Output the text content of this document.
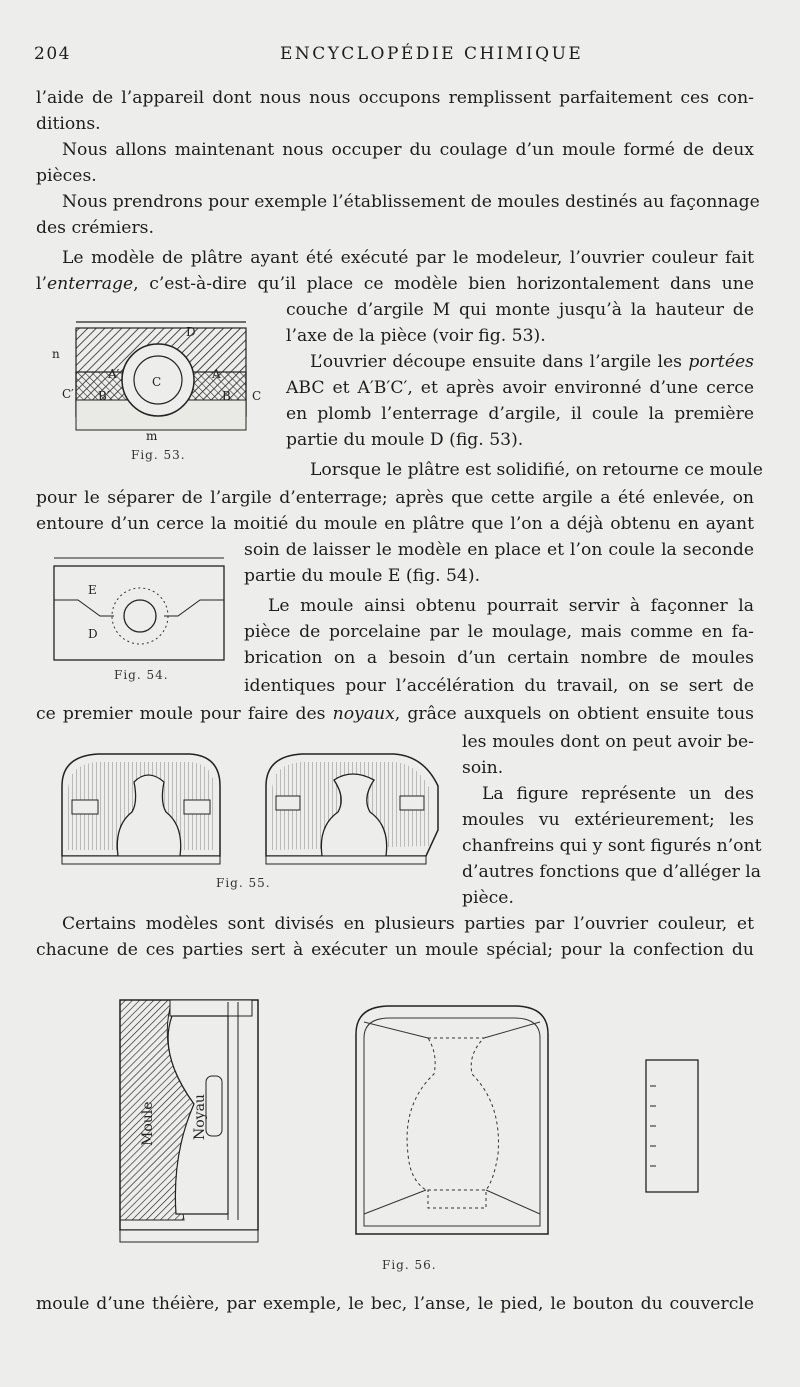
204	ENCYCLOPÉDIE CHIMIQUE
l’aide de l’appareil dont nous nous occupons remplissent parfaitement ces con-
ditions.
Nous allons maintenant nous occuper du coulage d’un moule formé de deux
pièces.
Nous prendrons pour exemple l’établissement de moules destinés au façonnage
des crémiers.
Le modèle de plâtre ayant été exécuté par le modeleur, l’ouvrier couleur fait
l’enterrage, c’est-à-dire qu’il place ce modèle bien horizontalement dans une
couche d’argile M qui monte jusqu’à la hauteur de
l’axe de la pièce (voir fig. 53).
L’ouvrier découpe ensuite dans l’argile les portées
ABC et A′B′C′, et après avoir environné d’une cerce
en plomb l’enterrage d’argile, il coule la première
partie du moule D (fig. 53).
Lorsque le plâtre est solidifié, on retourne ce moule
pour le séparer de l’argile d’enterrage; après que cette argile a été enlevée, on
entoure d’un cerce la moitié du moule en plâtre que l’on a déjà obtenu en ayant
soin de laisser le modèle en place et l’on coule la seconde
partie du moule E (fig. 54).
Le moule ainsi obtenu pourrait servir à façonner la
pièce de porcelaine par le moulage, mais comme en fa-
brication on a besoin d’un certain nombre de moules
identiques pour l’accélération du travail, on se sert de
ce premier moule pour faire des noyaux, grâce auxquels on obtient ensuite tous
les moules dont on peut avoir be-
soin.
La figure représente un des
moules vu extérieurement; les
chanfreins qui y sont figurés n’ont
d’autres fonctions que d’alléger la
pièce.
Certains modèles sont divisés en plusieurs parties par l’ouvrier couleur, et
chacune de ces parties sert à exécuter un moule spécial; pour la confection du
moule d’une théière, par exemple, le bec, l’anse, le pied, le bouton du couvercle
n
D
A′	A
C
C′	C
B′	B
m
Fig. 53.
E
D
Fig. 54.
Fig. 55.
Moule	Noyau
Fig. 56.
